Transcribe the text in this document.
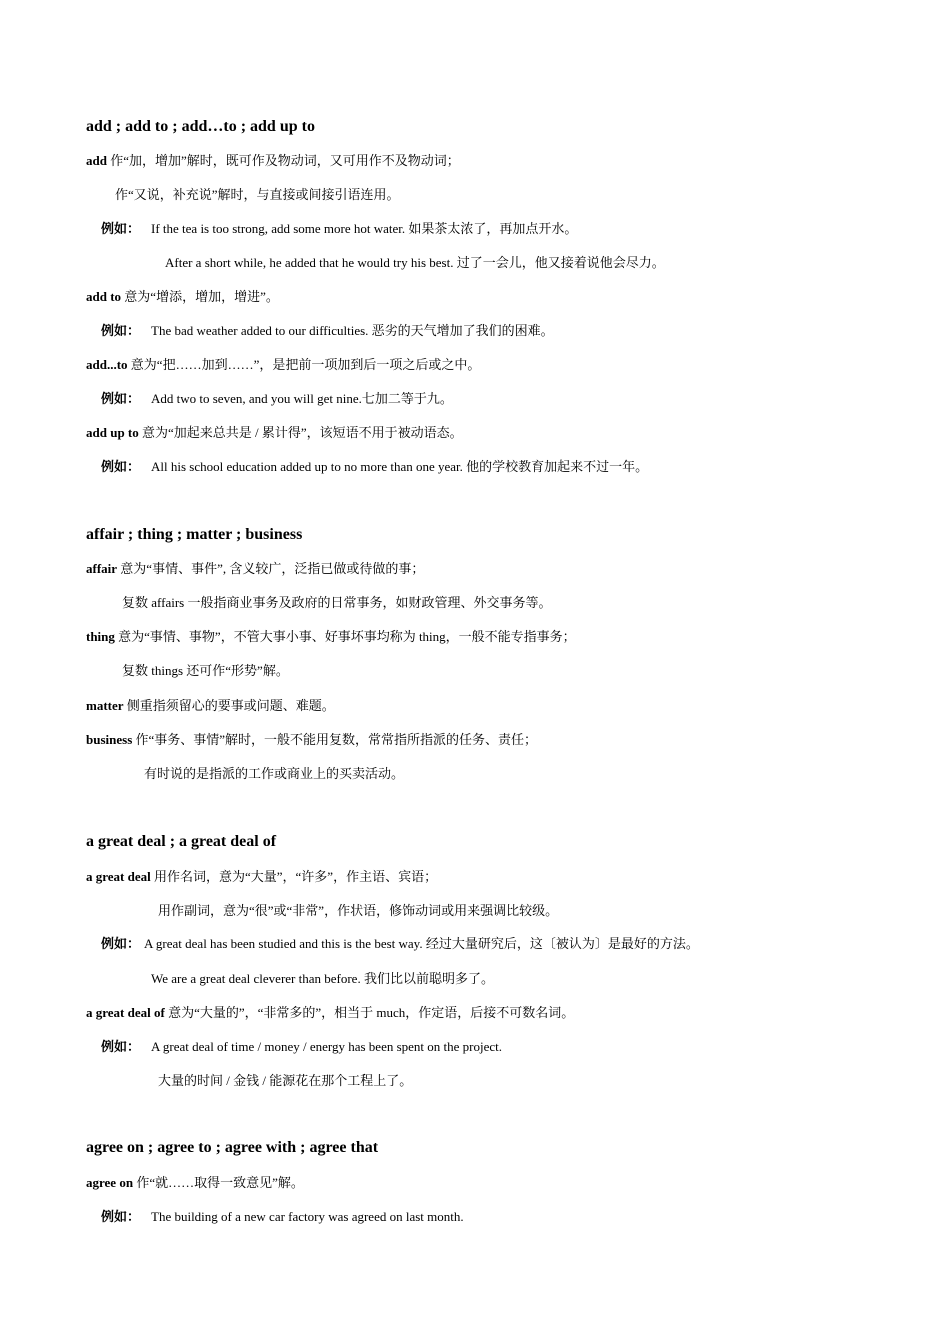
add ; add to ; add…to ; add up to
add 作“加，增加”解时，既可作及物动词，又可用作不及物动词；
作“又说，补充说”解时，与直接或间接引语连用。
例如： If the tea is too strong, add some more hot water. 如果茶太浓了，再加点开水。
After a short while, he added that he would try his best. 过了一会儿，他又接着说他会尽力。
add to 意为“增添，增加，增进”。
例如： The bad weather added to our difficulties. 恶劣的天气增加了我们的困难。
add...to 意为“把……加到……”，是把前一项加到后一项之后或之中。
例如： Add two to seven, and you will get nine.七加二等于九。
add up to 意为“加起来总共是 / 累计得”，该短语不用于被动语态。
例如： All his school education added up to no more than one year. 他的学校教育加起来不过一年。
affair ; thing ; matter ; business
affair 意为“事情、事件”, 含义较广，泛指已做或待做的事；
复数 affairs 一般指商业事务及政府的日常事务，如财政管理、外交事务等。
thing 意为“事情、事物”，不管大事小事、好事坏事均称为 thing，一般不能专指事务；
复数 things 还可作“形势”解。
matter 侧重指须留心的要事或问题、难题。
business 作“事务、事情”解时，一般不能用复数，常常指所指派的任务、责任；
有时说的是指派的工作或商业上的买卖活动。
a great deal ; a great deal of
a great deal 用作名词，意为“大量”，“许多”，作主语、宾语；
用作副词，意为“很”或“非常”，作状语，修饰动词或用来强调比较级。
例如： A great deal has been studied and this is the best way. 经过大量研究后，这〔被认为〕是最好的方法。
We are a great deal cleverer than before. 我们比以前聪明多了。
a great deal of 意为“大量的”，“非常多的”，相当于 much，作定语，后接不可数名词。
例如： A great deal of time / money / energy has been spent on the project.
大量的时间 / 金钱 / 能源花在那个工程上了。
agree on ; agree to ; agree with ; agree that
agree on 作“就……取得一致意见”解。
例如： The building of a new car factory was agreed on last month.
